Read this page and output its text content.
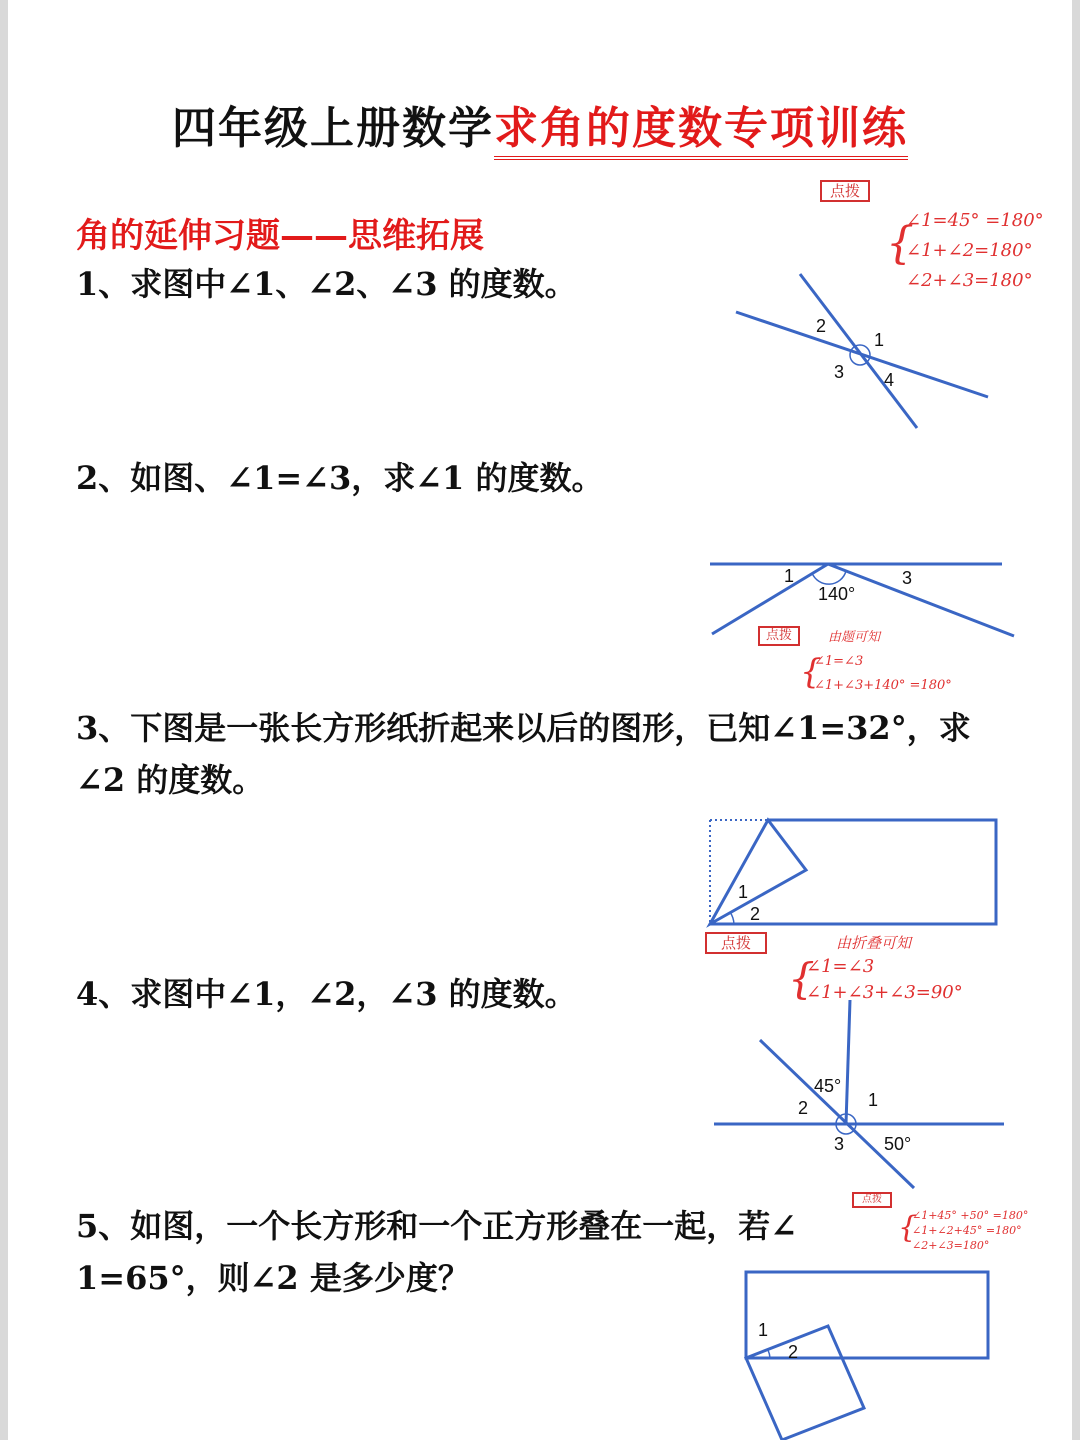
四年级上册数学求角的度数专项训练
角的延伸习题——思维拓展
1、求图中∠1、∠2、∠3 的度数。
2、如图、∠1=∠3，求∠1 的度数。
3、下图是一张长方形纸折起来以后的图形，已知∠1=32°，求
∠2 的度数。
4、求图中∠1，∠2，∠3 的度数。
5、如图，一个长方形和一个正方形叠在一起，若∠
1=65°，则∠2 是多少度？
点拨
{
∠1=45° =180°
∠1+∠2=180°
∠2+∠3=180°
2
1
3 4
1
140°
3
点拨	由题可知
{
∠1=∠3
∠1+∠3+140° =180°
1
2
点拨	由折叠可知
{
∠1=∠3
∠1+∠3+∠3=90°
45°
2	1
3 50°
点拨
{
∠1+45° +50° =180°
∠1+∠2+45° =180°
∠2+∠3=180°
1
2
